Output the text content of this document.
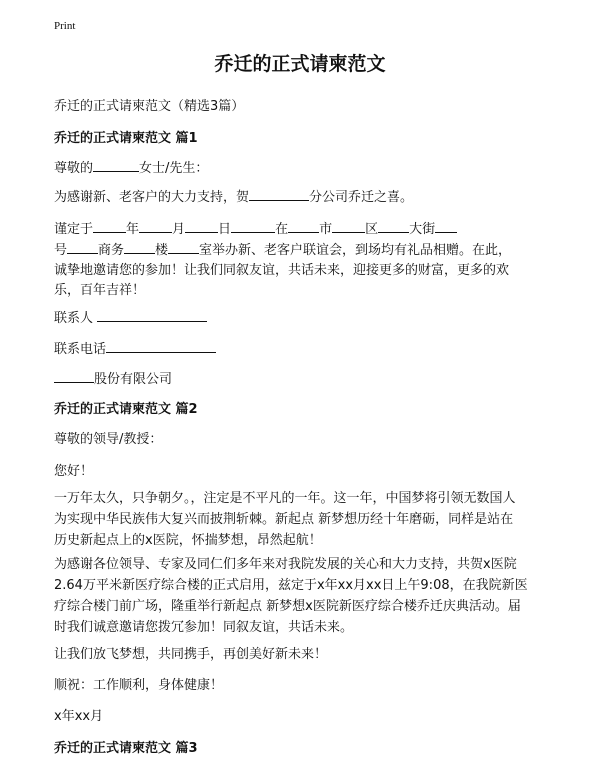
Print
乔迁的正式请柬范文
乔迁的正式请柬范文（精选3篇）
乔迁的正式请柬范文 篇1
尊敬的	女士/先生：
为感谢新、老客户的大力支持，贺	分公司乔迁之喜。
谨定于	年	月	日	在 市	区 大街
号 商务 楼 室举办新、老客户联谊会，到场均有礼品相赠。在此，
诚挚地邀请您的参加！让我们同叙友谊，共话未来，迎接更多的财富，更多的欢
乐，百年吉祥！
联系人
联系电话
股份有限公司
乔迁的正式请柬范文 篇2
尊敬的领导/教授：
您好！
一万年太久，只争朝夕。，注定是不平凡的一年。这一年，中国梦将引领无数国人
为实现中华民族伟大复兴而披荆斩棘。新起点 新梦想历经十年磨砺，同样是站在
历史新起点上的x医院，怀揣梦想，昂然起航！
为感谢各位领导、专家及同仁们多年来对我院发展的关心和大力支持，共贺x医院
2.64万平米新医疗综合楼的正式启用，兹定于x年xx月xx日上午9:08，在我院新医
疗综合楼门前广场，隆重举行新起点 新梦想x医院新医疗综合楼乔迁庆典活动。届
时我们诚意邀请您拨冗参加！同叙友谊，共话未来。
让我们放飞梦想，共同携手，再创美好新未来！
顺祝：工作顺利，身体健康！
x年xx月
乔迁的正式请柬范文 篇3
